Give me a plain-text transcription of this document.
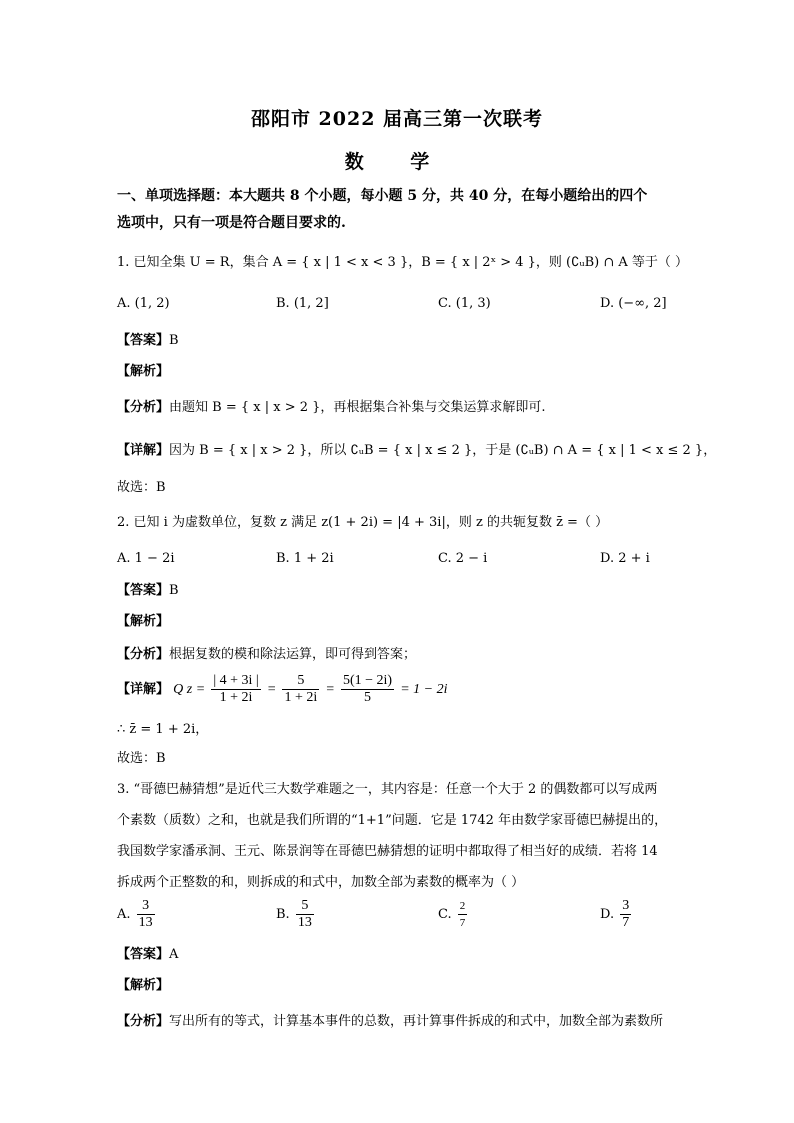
邵阳市 2022 届高三第一次联考
数 学
一、单项选择题：本大题共 8 个小题，每小题 5 分，共 40 分，在每小题给出的四个
选项中，只有一项是符合题目要求的.
1. 已知全集 U = R，集合 A = { x | 1 < x < 3 }，B = { x | 2ˣ > 4 }，则 (∁ᵤB) ∩ A 等于（ ）
A. (1, 2)	B. (1, 2]	C. (1, 3)	D. (−∞, 2]
【答案】B
【解析】
【分析】由题知 B = { x | x > 2 }，再根据集合补集与交集运算求解即可.
【详解】因为 B = { x | x > 2 }，所以 ∁ᵤB = { x | x ≤ 2 }，于是 (∁ᵤB) ∩ A = { x | 1 < x ≤ 2 }，
故选：B
2. 已知 i 为虚数单位，复数 z 满足 z(1 + 2i) = |4 + 3i|，则 z 的共轭复数 z̄ =（ ）
A. 1 − 2i	B. 1 + 2i	C. 2 − i	D. 2 + i
【答案】B
【解析】
【分析】根据复数的模和除法运算，即可得到答案；
【详解】 Q $z = \frac{| 4 + 3i |}{1 + 2i} = \frac{5}{1 + 2i} = \frac{5(1 - 2i)}{5} = 1 - 2i$
∴ z̄ = 1 + 2i，
故选：B
3. “哥德巴赫猜想”是近代三大数学难题之一，其内容是：任意一个大于 2 的偶数都可以写成两
个素数（质数）之和，也就是我们所谓的“1+1”问题．它是 1742 年由数学家哥德巴赫提出的，
我国数学家潘承洞、王元、陈景润等在哥德巴赫猜想的证明中都取得了相当好的成绩．若将 14
拆成两个正整数的和，则拆成的和式中，加数全部为素数的概率为（ ）
A. $\frac{3}{13}$	B. $\frac{5}{13}$	C. $\frac{2}{7}$	D. $\frac{3}{7}$
【答案】A
【解析】
【分析】写出所有的等式，计算基本事件的总数，再计算事件拆成的和式中，加数全部为素数所
